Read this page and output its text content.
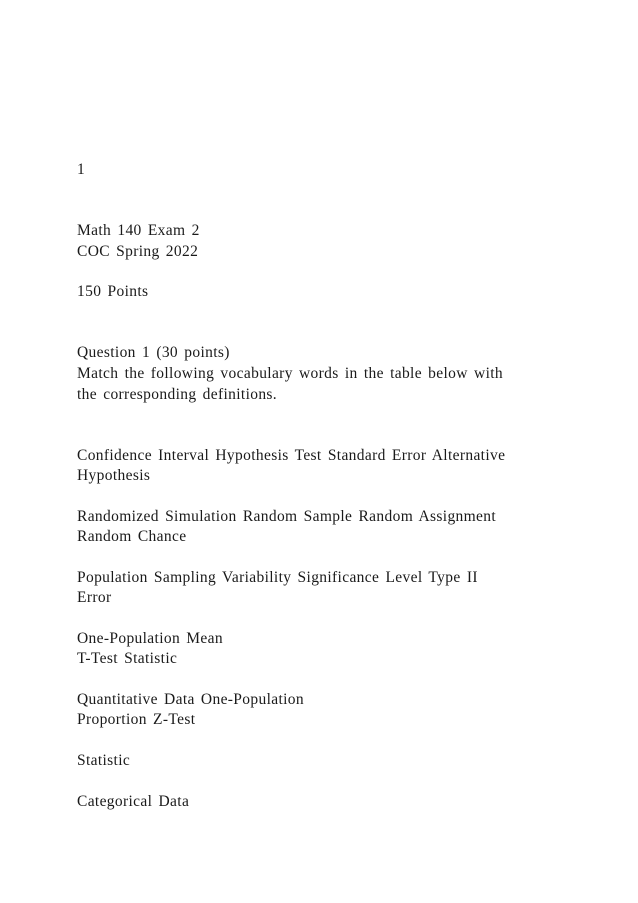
1
Math 140 Exam 2
COC Spring 2022
150 Points
Question 1 (30 points)
Match the following vocabulary words in the table below with
the corresponding definitions.
Confidence Interval Hypothesis Test Standard Error Alternative
Hypothesis
Randomized Simulation Random Sample Random Assignment
Random Chance
Population Sampling Variability Significance Level Type II
Error
One-Population Mean
T-Test Statistic
Quantitative Data One-Population
Proportion Z-Test
Statistic
Categorical Data
